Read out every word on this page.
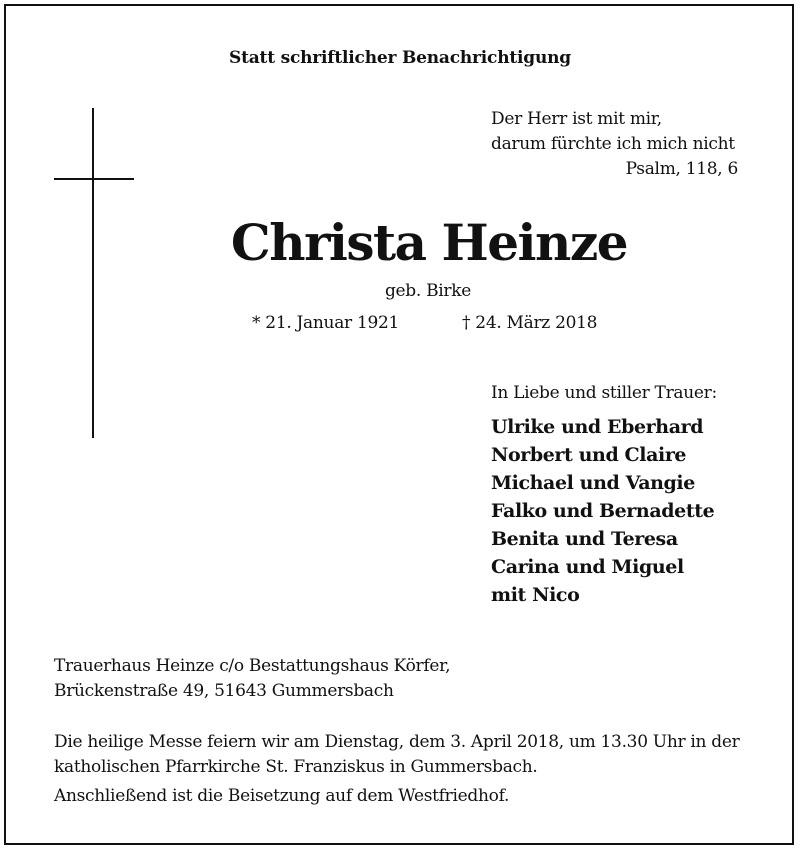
Statt schriftlicher Benachrichtigung
Der Herr ist mit mir,
darum fürchte ich mich nicht
Psalm, 118, 6
Christa Heinze
geb. Birke
* 21. Januar 1921	† 24. März 2018
In Liebe und stiller Trauer:
Ulrike und Eberhard
Norbert und Claire
Michael und Vangie
Falko und Bernadette
Benita und Teresa
Carina und Miguel
mit Nico
Trauerhaus Heinze c/o Bestattungshaus Körfer,
Brückenstraße 49, 51643 Gummersbach
Die heilige Messe feiern wir am Dienstag, dem 3. April 2018, um 13.30 Uhr in der
katholischen Pfarrkirche St. Franziskus in Gummersbach.
Anschließend ist die Beisetzung auf dem Westfriedhof.
